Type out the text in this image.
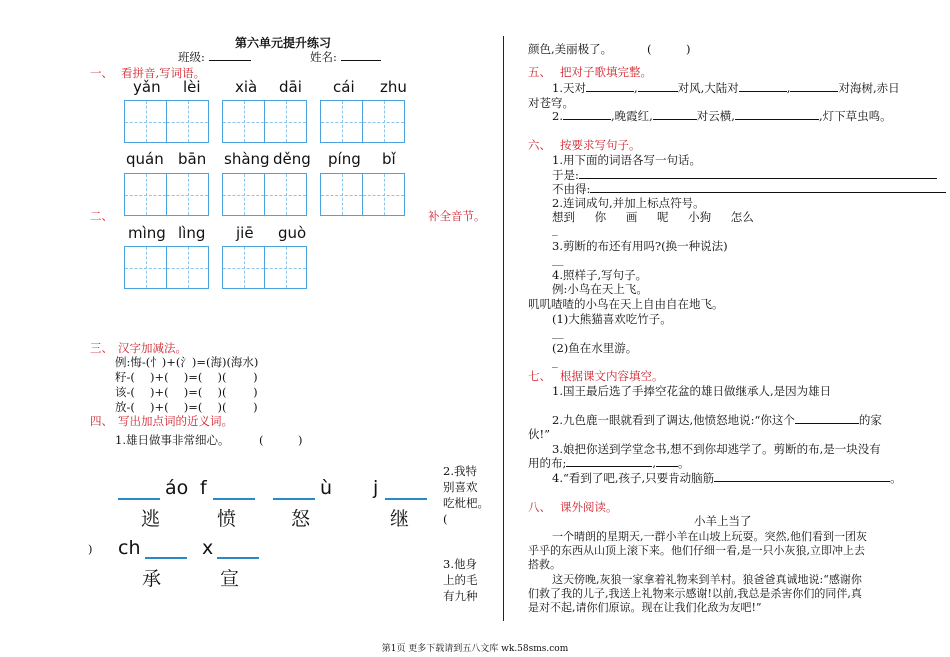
第六单元提升练习
班级:	姓名:
一、 看拼音,写词语。
yǎn lèi xià dāi cái zhu
quán bān shàng děng píng bǐ
二、	补全音节。
mìng lìng jiē guò
三、 汉字加减法。
例:悔-(忄)+(氵)=(海)(海水)
籽-(　 )+(　 )=(　 )(　　 )
该-(　 )+(　 )=(　 )(　　 )
放-(　 )+(　 )=(　 )(　　 )
四、 写出加点词的近义词。
1.雄日做事非常细心。	(　　　)
2.我特
别喜欢
吃枇杷。
(
3.他身
上的毛
有九种
)
áo
逃
f
愤
ù
怒
j
继
ch
承
x
宣
颜色,美丽极了。	(　　　)
五、 把对子歌填完整。
1.天对	,	对风,大陆对	,	对海树,赤日
对苍穹。
2.	,晚霞红,	对云横,	,灯下草虫鸣。
六、 按要求写句子。
1.用下面的词语各写一句话。
于是:
不由得:
2.连词成句,并加上标点符号。
想到 你 画 呢 小狗 怎么
_
3.剪断的布还有用吗?(换一种说法)
__
4.照样子,写句子。
例:小鸟在天上飞。
叽叽喳喳的小鸟在天上自由自在地飞。
(1)大熊猫喜欢吃竹子。
__
(2)鱼在水里游。
_
七、 根据课文内容填空。
1.国王最后选了手捧空花盆的雄日做继承人,是因为雄日
2.九色鹿一眼就看到了调达,他愤怒地说:“你这个	的家
伙!”
3.娘把你送到学堂念书,想不到你却逃学了。剪断的布,是一块没有
用的布;	, 。
4.“看到了吧,孩子,只要肯动脑筋	。
八、 课外阅读。
小羊上当了
一个晴朗的星期天,一群小羊在山坡上玩耍。突然,他们看到一团灰
乎乎的东西从山顶上滚下来。他们仔细一看,是一只小灰狼,立即冲上去
搭救。
这天傍晚,灰狼一家拿着礼物来到羊村。狼爸爸真诚地说:“感谢你
们救了我的儿子,我送上礼物来示感谢!以前,我总是杀害你们的同伴,真
是对不起,请你们原谅。现在让我们化敌为友吧!”
第1页 更多下载请到五八文库 wk.58sms.com
